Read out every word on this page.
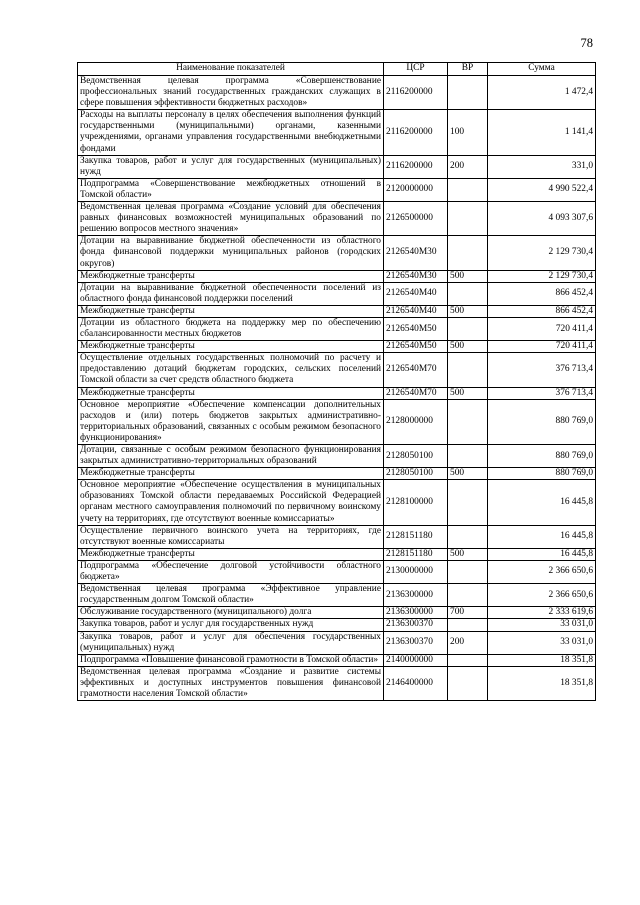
78
Наименование показателей	ЦСР	ВР	Сумма
Ведомственная целевая программа «Совершенствование профессиональных знаний государственных гражданских служащих в сфере повышения эффективности бюджетных расходов»	2116200000		1 472,4
Расходы на выплаты персоналу в целях обеспечения выполнения функций государственными (муниципальными) органами, казенными учреждениями, органами управления государственными внебюджетными фондами	2116200000	100	1 141,4
Закупка товаров, работ и услуг для государственных (муниципальных) нужд	2116200000	200	331,0
Подпрограмма «Совершенствование межбюджетных отношений в Томской области»	2120000000		4 990 522,4
Ведомственная целевая программа «Создание условий для обеспечения равных финансовых возможностей муниципальных образований по решению вопросов местного значения»	2126500000		4 093 307,6
Дотации на выравнивание бюджетной обеспеченности из областного фонда финансовой поддержки муниципальных районов (городских округов)	2126540М30		2 129 730,4
Межбюджетные трансферты	2126540М30	500	2 129 730,4
Дотации на выравнивание бюджетной обеспеченности поселений из областного фонда финансовой поддержки поселений	2126540М40		866 452,4
Межбюджетные трансферты	2126540М40	500	866 452,4
Дотации из областного бюджета на поддержку мер по обеспечению сбалансированности местных бюджетов	2126540М50		720 411,4
Межбюджетные трансферты	2126540М50	500	720 411,4
Осуществление отдельных государственных полномочий по расчету и предоставлению дотаций бюджетам городских, сельских поселений Томской области за счет средств областного бюджета	2126540М70		376 713,4
Межбюджетные трансферты	2126540М70	500	376 713,4
Основное мероприятие «Обеспечение компенсации дополнительных расходов и (или) потерь бюджетов закрытых административно-территориальных образований, связанных с особым режимом безопасного функционирования»	2128000000		880 769,0
Дотации, связанные с особым режимом безопасного функционирования закрытых административно-территориальных образований	2128050100		880 769,0
Межбюджетные трансферты	2128050100	500	880 769,0
Основное мероприятие «Обеспечение осуществления в муниципальных образованиях Томской области передаваемых Российской Федерацией органам местного самоуправления полномочий по первичному воинскому учету на территориях, где отсутствуют военные комиссариаты»	2128100000		16 445,8
Осуществление первичного воинского учета на территориях, где отсутствуют военные комиссариаты	2128151180		16 445,8
Межбюджетные трансферты	2128151180	500	16 445,8
Подпрограмма «Обеспечение долговой устойчивости областного бюджета»	2130000000		2 366 650,6
Ведомственная целевая программа «Эффективное управление государственным долгом Томской области»	2136300000		2 366 650,6
Обслуживание государственного (муниципального) долга	2136300000	700	2 333 619,6
Закупка товаров, работ и услуг для государственных нужд	2136300370		33 031,0
Закупка товаров, работ и услуг для обеспечения государственных (муниципальных) нужд	2136300370	200	33 031,0
Подпрограмма «Повышение финансовой грамотности в Томской области»	2140000000		18 351,8
Ведомственная целевая программа «Создание и развитие системы эффективных и доступных инструментов повышения финансовой грамотности населения Томской области»	2146400000		18 351,8
